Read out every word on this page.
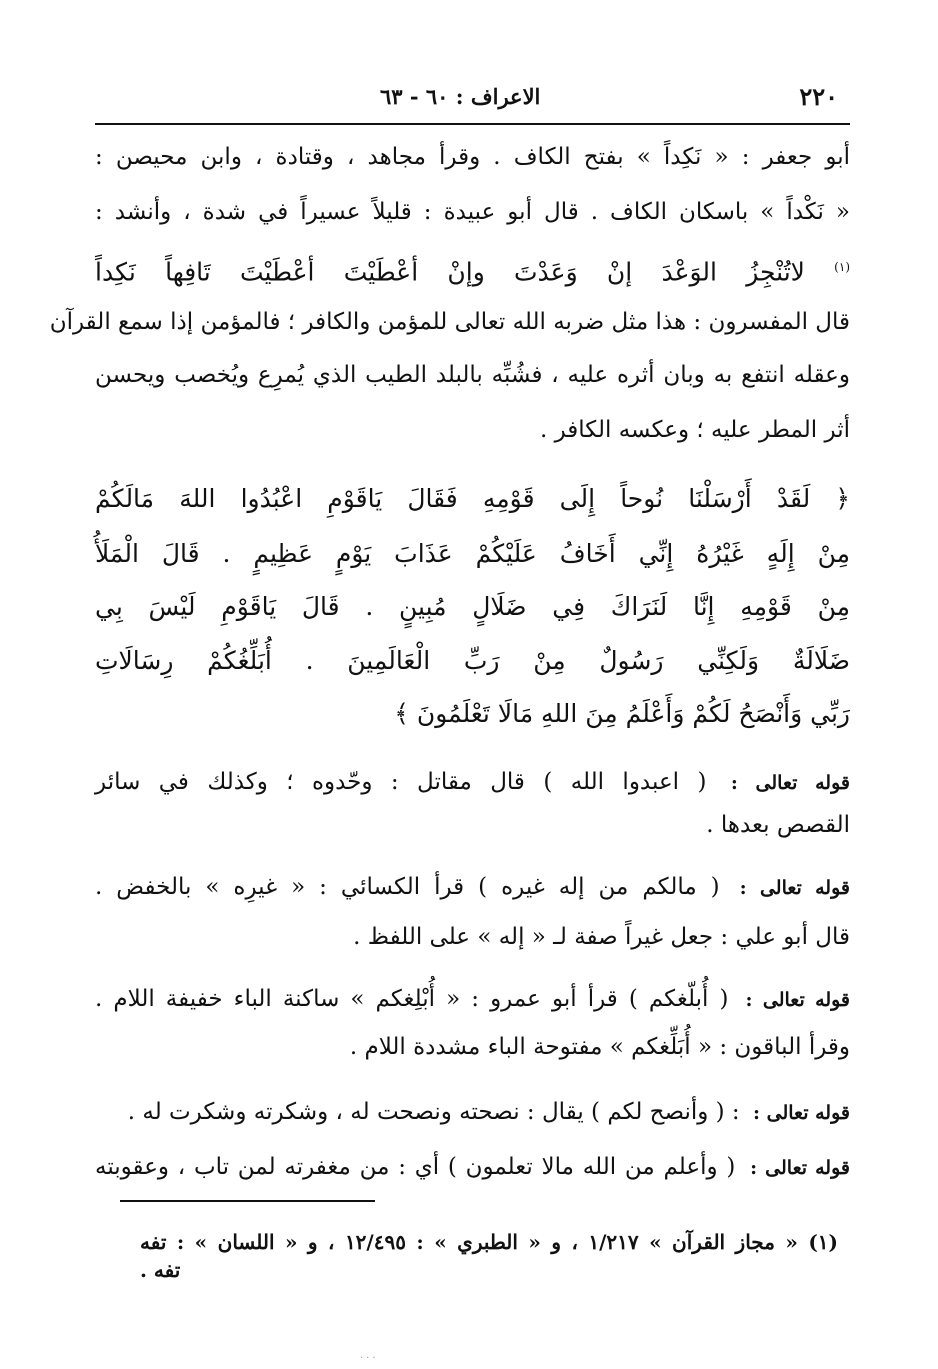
٢٢٠
الاعراف : ٦٠ - ٦٣
أبو جعفر : « نَكِداً » بفتح الكاف . وقرأ مجاهد ، وقتادة ، وابن محيصن :
« نَكْداً » باسكان الكاف . قال أبو عبيدة : قليلاً عسيراً في شدة ، وأنشد :
$^{(١)}$ لاتُنْجِزُ الوَعْدَ إنْ وَعَدْتَ وإنْ أعْطَيْتَ أعْطَيْتَ تَافِهاً نَكِداً
قال المفسرون : هذا مثل ضربه الله تعالى للمؤمن والكافر ؛ فالمؤمن إذا سمع القرآن
وعقله انتفع به وبان أثره عليه ، فشُبِّه بالبلد الطيب الذي يُمرِع ويُخصب ويحسن
أثر المطر عليه ؛ وعكسه الكافر .
﴿ لَقَدْ أَرْسَلْنَا نُوحاً إِلَى قَوْمِهِ فَقَالَ يَاقَوْمِ اعْبُدُوا اللهَ مَالَكُمْ
مِنْ إِلَهٍ غَيْرُهُ إِنِّي أَخَافُ عَلَيْكُمْ عَذَابَ يَوْمٍ عَظِيمٍ . قَالَ الْمَلَأُ
مِنْ قَوْمِهِ إِنَّا لَنَرَاكَ فِي ضَلَالٍ مُبِينٍ . قَالَ يَاقَوْمِ لَيْسَ بِي
ضَلَالَةٌ وَلَكِنِّي رَسُولٌ مِنْ رَبِّ الْعَالَمِينَ . أُبَلِّغُكُمْ رِسَالَاتِ
رَبِّي وَأَنْصَحُ لَكُمْ وَأَعْلَمُ مِنَ اللهِ مَالَا تَعْلَمُونَ ﴾
قوله تعالى : ( اعبدوا الله ) قال مقاتل : وحّدوه ؛ وكذلك في سائر
القصص بعدها .
قوله تعالى : ( مالكم من إله غيره ) قرأ الكسائي : « غيرِه » بالخفض .
قال أبو علي : جعل غيراً صفة لـ « إله » على اللفظ .
قوله تعالى : ( أُبلّغكم ) قرأ أبو عمرو : « أُبْلِغكم » ساكنة الباء خفيفة اللام .
وقرأ الباقون : « أُبَلِّغكم » مفتوحة الباء مشددة اللام .
قوله تعالى : : ( وأنصح لكم ) يقال : نصحته ونصحت له ، وشكرته وشكرت له .
قوله تعالى : ( وأعلم من الله مالا تعلمون ) أي : من مغفرته لمن تاب ، وعقوبته
(١) « مجاز القرآن » ١/٢١٧ ، و « الطبري » : ١٢/٤٩٥ ، و « اللسان » : تفه
تفه .
...
